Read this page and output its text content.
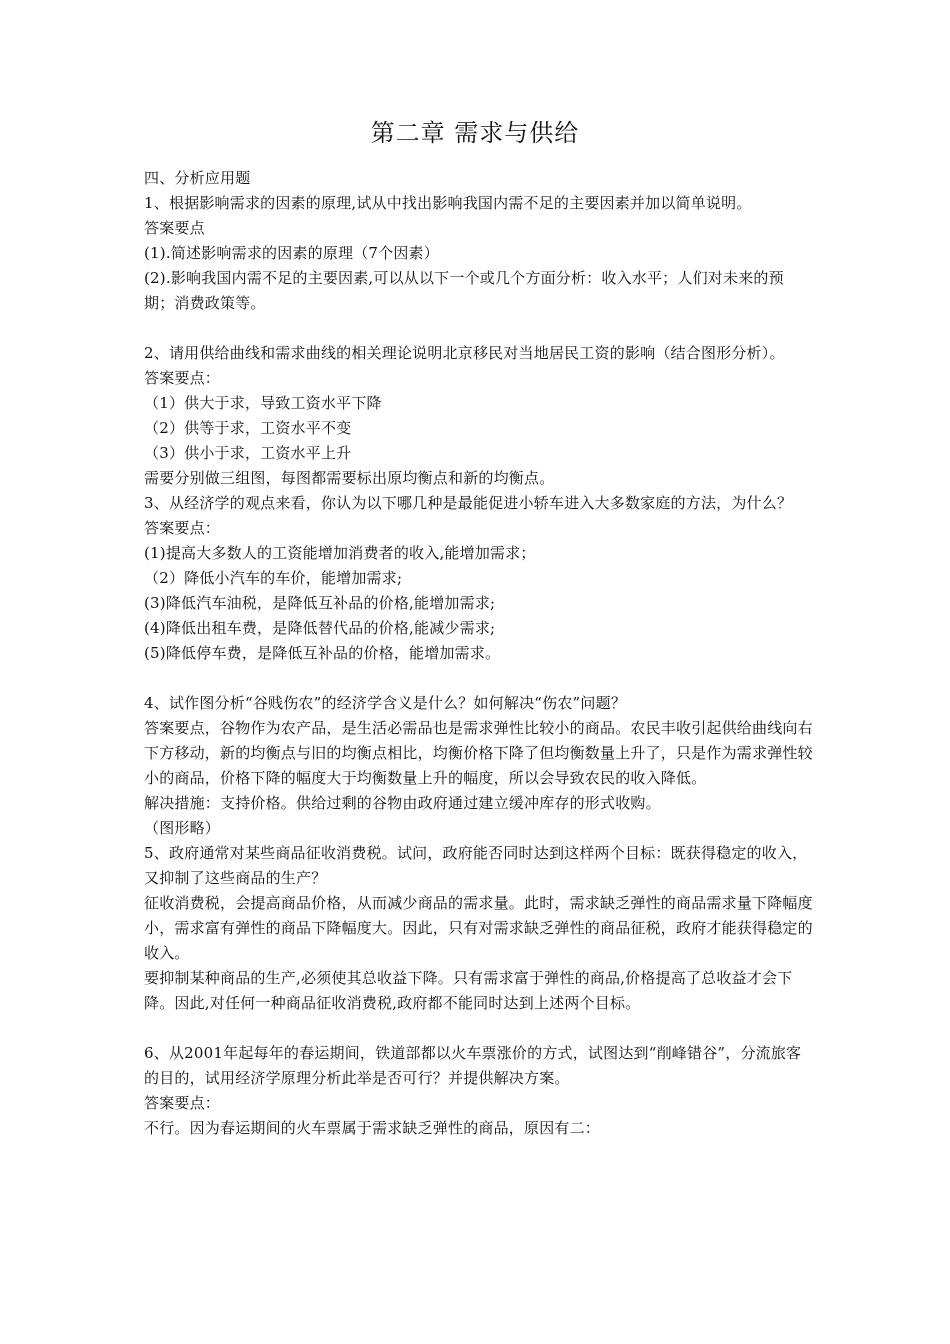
第二章 需求与供给

四、分析应用题

1、根据影响需求的因素的原理,试从中找出影响我国内需不足的主要因素并加以简单说明。

答案要点

(1).简述影响需求的因素的原理（7个因素）

(2).影响我国内需不足的主要因素,可以从以下一个或几个方面分析：收入水平；人们对未来的预期；消费政策等。

2、请用供给曲线和需求曲线的相关理论说明北京移民对当地居民工资的影响（结合图形分析）。

答案要点：

（1）供大于求，导致工资水平下降

（2）供等于求，工资水平不变

（3）供小于求，工资水平上升

需要分别做三组图，每图都需要标出原均衡点和新的均衡点。

3、从经济学的观点来看，你认为以下哪几种是最能促进小轿车进入大多数家庭的方法，为什么？

答案要点：

(1)提高大多数人的工资能增加消费者的收入,能增加需求；

（2）降低小汽车的车价，能增加需求;

(3)降低汽车油税，是降低互补品的价格,能增加需求;

(4)降低出租车费，是降低替代品的价格,能减少需求;

(5)降低停车费，是降低互补品的价格，能增加需求。

4、试作图分析“谷贱伤农”的经济学含义是什么？如何解决“伤农”问题？

答案要点，谷物作为农产品，是生活必需品也是需求弹性比较小的商品。农民丰收引起供给曲线向右下方移动，新的均衡点与旧的均衡点相比，均衡价格下降了但均衡数量上升了，只是作为需求弹性较小的商品，价格下降的幅度大于均衡数量上升的幅度，所以会导致农民的收入降低。

解决措施：支持价格。供给过剩的谷物由政府通过建立缓冲库存的形式收购。

（图形略）

5、政府通常对某些商品征收消费税。试问，政府能否同时达到这样两个目标：既获得稳定的收入，又抑制了这些商品的生产？

征收消费税，会提高商品价格，从而减少商品的需求量。此时，需求缺乏弹性的商品需求量下降幅度小，需求富有弹性的商品下降幅度大。因此，只有对需求缺乏弹性的商品征税，政府才能获得稳定的收入。

要抑制某种商品的生产,必须使其总收益下降。只有需求富于弹性的商品,价格提高了总收益才会下降。因此,对任何一种商品征收消费税,政府都不能同时达到上述两个目标。

6、从2001年起每年的春运期间，铁道部都以火车票涨价的方式，试图达到“削峰错谷”，分流旅客的目的，试用经济学原理分析此举是否可行？并提供解决方案。

答案要点：

不行。因为春运期间的火车票属于需求缺乏弹性的商品，原因有二：
